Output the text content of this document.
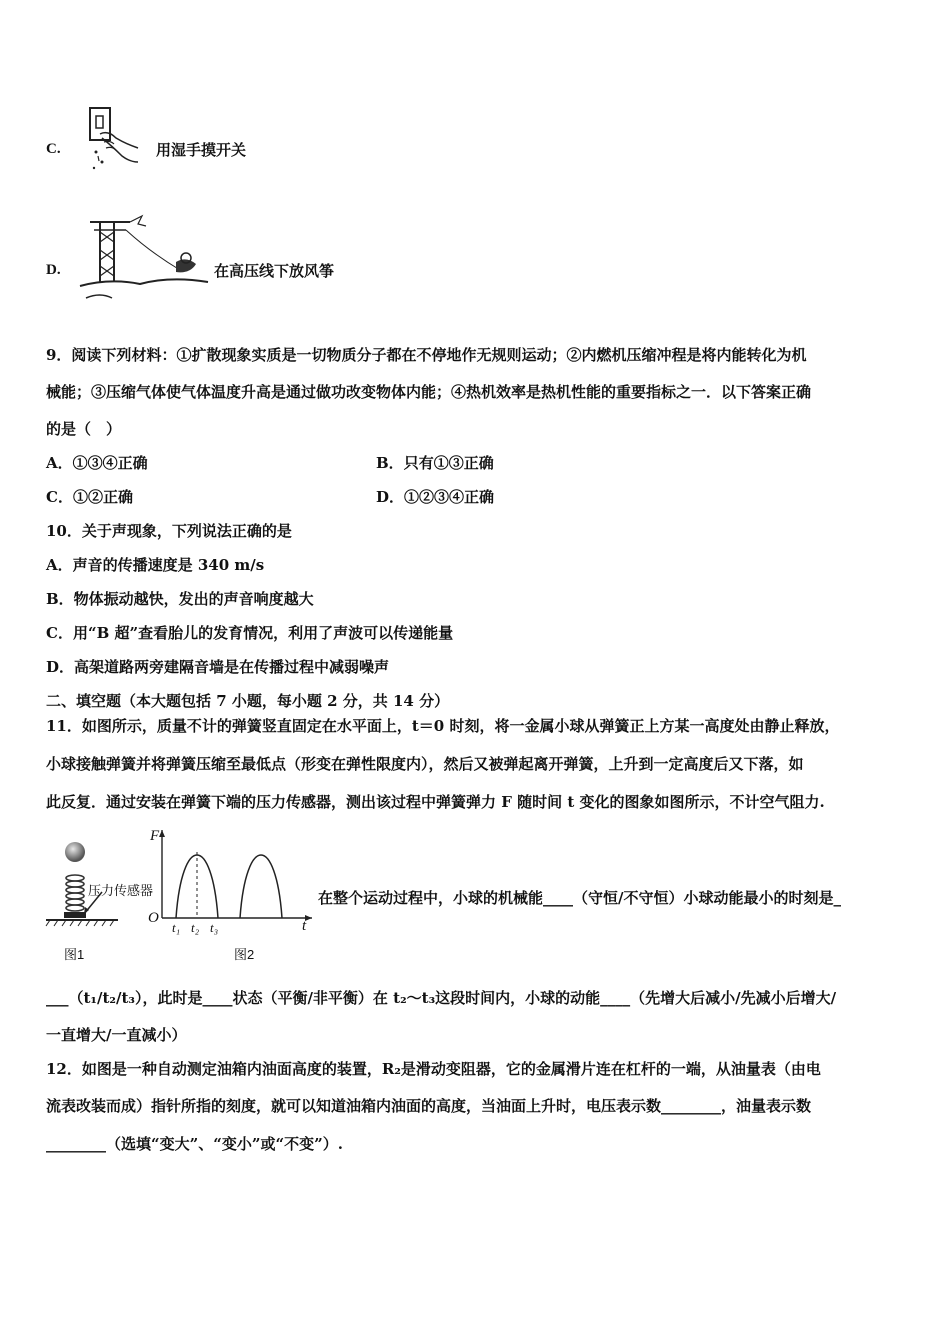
C.	用湿手摸开关
D.	在高压线下放风筝
9．阅读下列材料：①扩散现象实质是一切物质分子都在不停地作无规则运动；②内燃机压缩冲程是将内能转化为机
械能；③压缩气体使气体温度升高是通过做功改变物体内能；④热机效率是热机性能的重要指标之一．以下答案正确
的是（　）
A．①③④正确	B．只有①③正确
C．①②正确	D．①②③④正确
10．关于声现象，下列说法正确的是
A．声音的传播速度是 340 m/s
B．物体振动越快，发出的声音响度越大
C．用“B 超”查看胎儿的发育情况，利用了声波可以传递能量
D．高架道路两旁建隔音墙是在传播过程中减弱噪声
二、填空题（本大题包括 7 小题，每小题 2 分，共 14 分）
11．如图所示，质量不计的弹簧竖直固定在水平面上，t＝0 时刻，将一金属小球从弹簧正上方某一高度处由静止释放，
小球接触弹簧并将弹簧压缩至最低点（形变在弹性限度内），然后又被弹起离开弹簧，上升到一定高度后又下落，如
此反复．通过安装在弹簧下端的压力传感器，测出该过程中弹簧弹力 F 随时间 t 变化的图象如图所示，不计空气阻力.
压力传感器
图1
F
t
O
t₁ t₂ t₃
图2
在整个运动过程中，小球的机械能____（守恒/不守恒）小球动能最小的时刻是_
___（t₁/t₂/t₃），此时是____状态（平衡/非平衡）在 t₂～t₃这段时间内，小球的动能____（先增大后减小/先减小后增大/
一直增大/一直减小）
12．如图是一种自动测定油箱内油面高度的装置，R₂是滑动变阻器，它的金属滑片连在杠杆的一端，从油量表（由电
流表改装而成）指针所指的刻度，就可以知道油箱内油面的高度，当油面上升时，电压表示数________，油量表示数
________（选填“变大”、“变小”或“不变”）.
